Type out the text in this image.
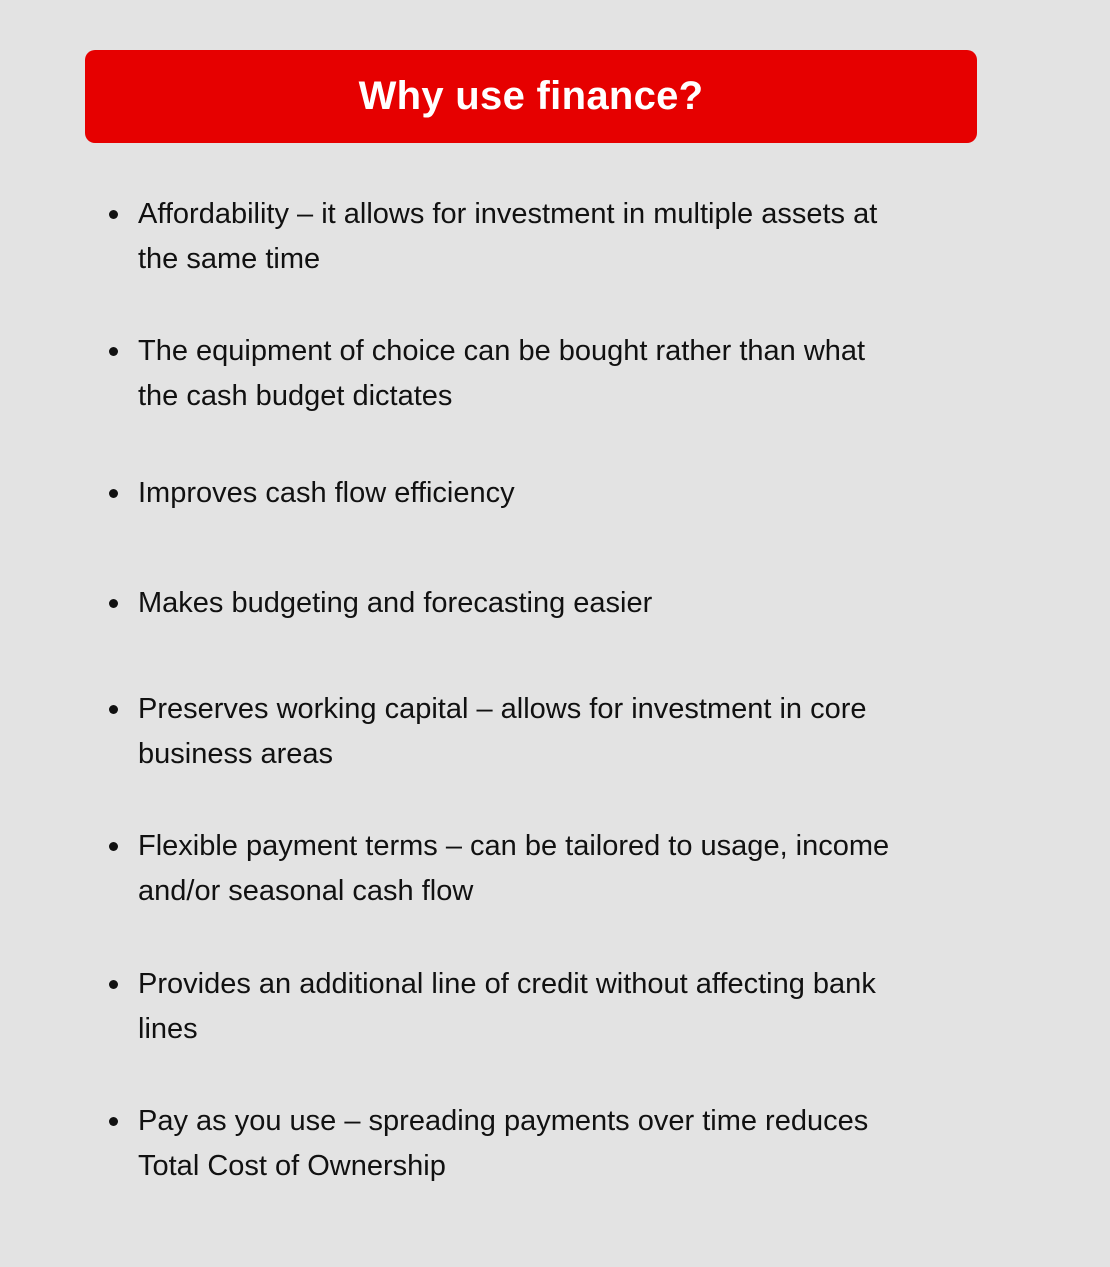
Why use finance?
Affordability – it allows for investment in multiple assets at
the same time
The equipment of choice can be bought rather than what
the cash budget dictates
Improves cash flow efficiency
Makes budgeting and forecasting easier
Preserves working capital – allows for investment in core
business areas
Flexible payment terms – can be tailored to usage, income
and/or seasonal cash flow
Provides an additional line of credit without affecting bank
lines
Pay as you use – spreading payments over time reduces
Total Cost of Ownership
